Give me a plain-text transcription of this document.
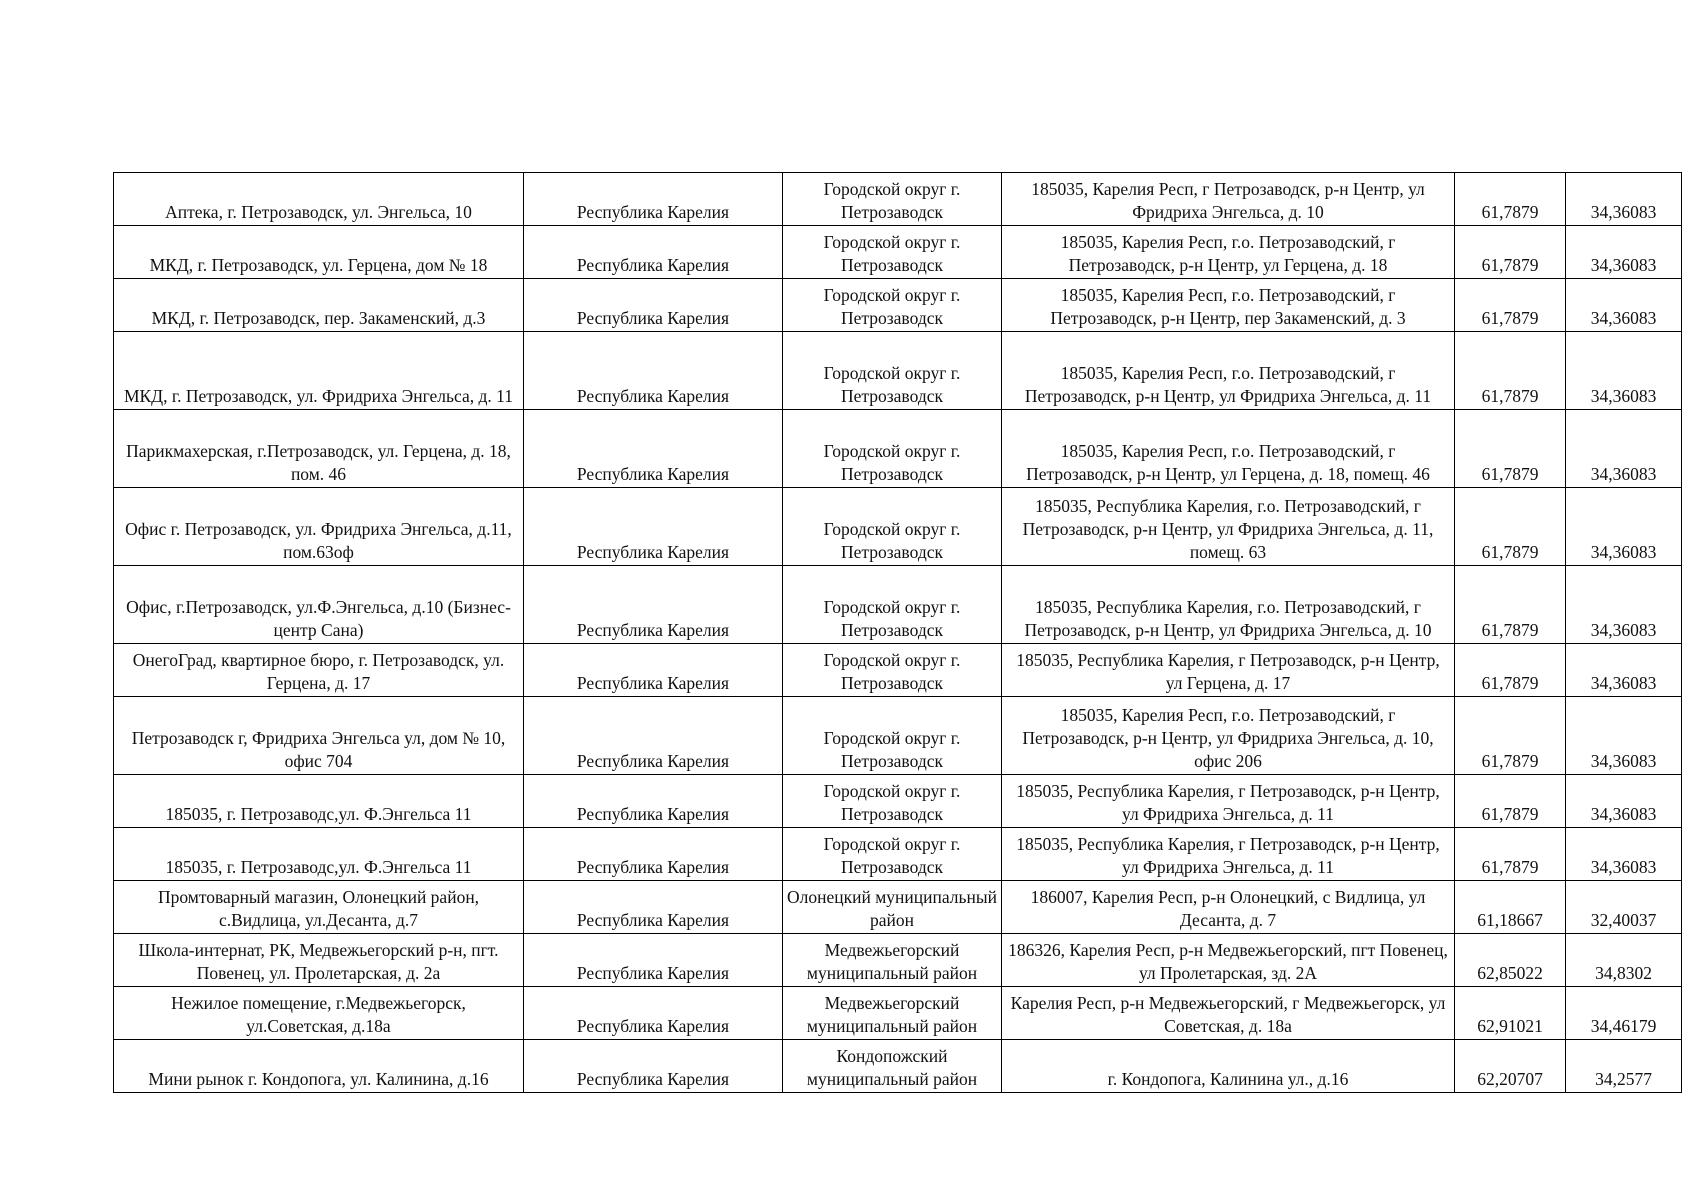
Аптека, г. Петрозаводск, ул. Энгельса, 10	Республика Карелия	Городской округ г. Петрозаводск	185035, Карелия Респ, г Петрозаводск, р-н Центр, ул Фридриха Энгельса, д. 10	61,7879	34,36083
МКД, г. Петрозаводск, ул. Герцена, дом № 18	Республика Карелия	Городской округ г. Петрозаводск	185035, Карелия Респ, г.о. Петрозаводский, г Петрозаводск, р-н Центр, ул Герцена, д. 18	61,7879	34,36083
МКД, г. Петрозаводск, пер. Закаменский, д.3	Республика Карелия	Городской округ г. Петрозаводск	185035, Карелия Респ, г.о. Петрозаводский, г Петрозаводск, р-н Центр, пер Закаменский, д. 3	61,7879	34,36083
МКД, г. Петрозаводск, ул. Фридриха Энгельса, д. 11	Республика Карелия	Городской округ г. Петрозаводск	185035, Карелия Респ, г.о. Петрозаводский, г Петрозаводск, р-н Центр, ул Фридриха Энгельса, д. 11	61,7879	34,36083
Парикмахерская, г.Петрозаводск, ул. Герцена, д. 18, пом. 46	Республика Карелия	Городской округ г. Петрозаводск	185035, Карелия Респ, г.о. Петрозаводский, г Петрозаводск, р-н Центр, ул Герцена, д. 18, помещ. 46	61,7879	34,36083
Офис г. Петрозаводск, ул. Фридриха Энгельса, д.11, пом.63оф	Республика Карелия	Городской округ г. Петрозаводск	185035, Республика Карелия, г.о. Петрозаводский, г Петрозаводск, р-н Центр, ул Фридриха Энгельса, д. 11, помещ. 63	61,7879	34,36083
Офис, г.Петрозаводск, ул.Ф.Энгельса, д.10 (Бизнес-центр Сана)	Республика Карелия	Городской округ г. Петрозаводск	185035, Республика Карелия, г.о. Петрозаводский, г Петрозаводск, р-н Центр, ул Фридриха Энгельса, д. 10	61,7879	34,36083
ОнегоГрад, квартирное бюро, г. Петрозаводск, ул. Герцена, д. 17	Республика Карелия	Городской округ г. Петрозаводск	185035, Республика Карелия, г Петрозаводск, р-н Центр, ул Герцена, д. 17	61,7879	34,36083
Петрозаводск г, Фридриха Энгельса ул, дом № 10, офис 704	Республика Карелия	Городской округ г. Петрозаводск	185035, Карелия Респ, г.о. Петрозаводский, г Петрозаводск, р-н Центр, ул Фридриха Энгельса, д. 10, офис 206	61,7879	34,36083
185035, г. Петрозаводс,ул. Ф.Энгельса 11	Республика Карелия	Городской округ г. Петрозаводск	185035, Республика Карелия, г Петрозаводск, р-н Центр, ул Фридриха Энгельса, д. 11	61,7879	34,36083
185035, г. Петрозаводс,ул. Ф.Энгельса 11	Республика Карелия	Городской округ г. Петрозаводск	185035, Республика Карелия, г Петрозаводск, р-н Центр, ул Фридриха Энгельса, д. 11	61,7879	34,36083
Промтоварный магазин, Олонецкий район, с.Видлица, ул.Десанта, д.7	Республика Карелия	Олонецкий муниципальный район	186007, Карелия Респ, р-н Олонецкий, с Видлица, ул Десанта, д. 7	61,18667	32,40037
Школа-интернат, РК, Медвежьегорский р-н, пгт. Повенец, ул. Пролетарская, д. 2а	Республика Карелия	Медвежьегорский муниципальный район	186326, Карелия Респ, р-н Медвежьегорский, пгт Повенец, ул Пролетарская, зд. 2А	62,85022	34,8302
Нежилое помещение, г.Медвежьегорск, ул.Советская, д.18а	Республика Карелия	Медвежьегорский муниципальный район	Карелия Респ, р-н Медвежьегорский, г Медвежьегорск, ул Советская, д. 18а	62,91021	34,46179
Мини рынок г. Кондопога, ул. Калинина, д.16	Республика Карелия	Кондопожский муниципальный район	г. Кондопога, Калинина ул., д.16	62,20707	34,2577
